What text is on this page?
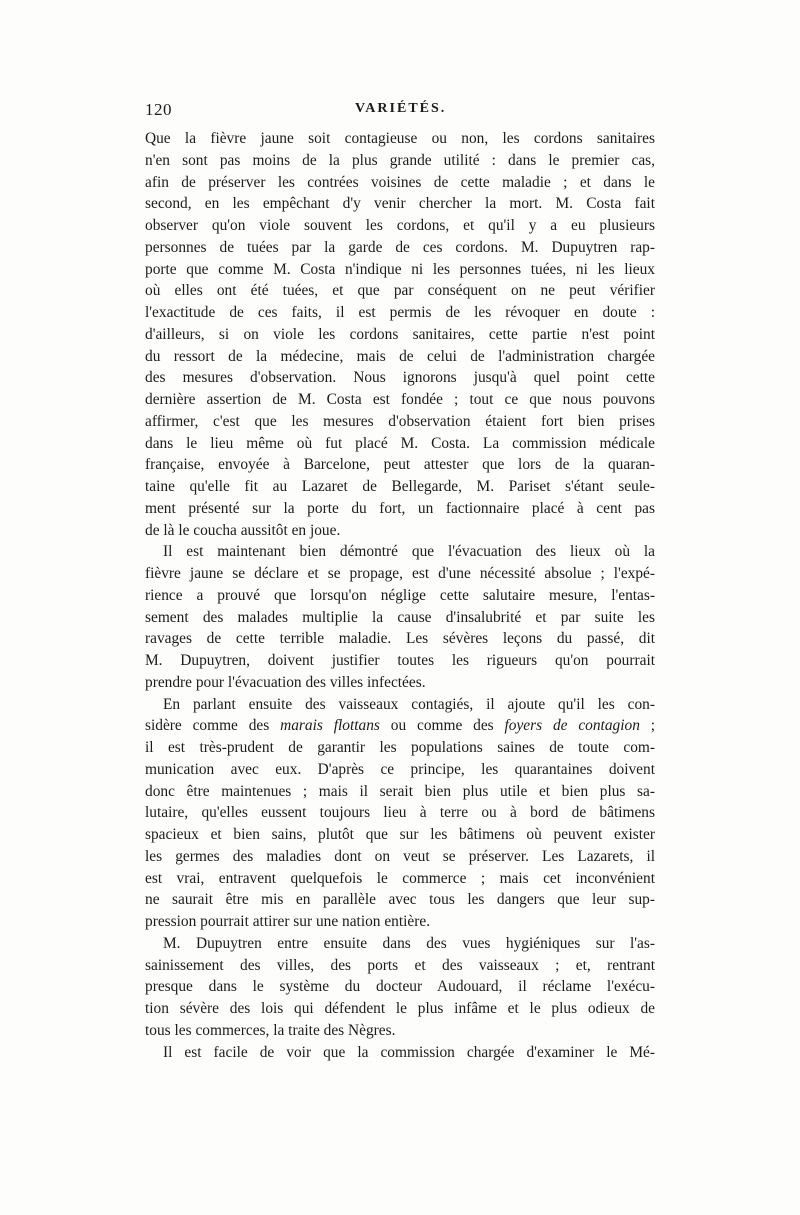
120	VARIÉTÉS.
Que la fièvre jaune soit contagieuse ou non, les cordons sanitaires
n'en sont pas moins de la plus grande utilité : dans le premier cas,
afin de préserver les contrées voisines de cette maladie ; et dans le
second, en les empêchant d'y venir chercher la mort. M. Costa fait
observer qu'on viole souvent les cordons, et qu'il y a eu plusieurs
personnes de tuées par la garde de ces cordons. M. Dupuytren rap-
porte que comme M. Costa n'indique ni les personnes tuées, ni les lieux
où elles ont été tuées, et que par conséquent on ne peut vérifier
l'exactitude de ces faits, il est permis de les révoquer en doute :
d'ailleurs, si on viole les cordons sanitaires, cette partie n'est point
du ressort de la médecine, mais de celui de l'administration chargée
des mesures d'observation. Nous ignorons jusqu'à quel point cette
dernière assertion de M. Costa est fondée ; tout ce que nous pouvons
affirmer, c'est que les mesures d'observation étaient fort bien prises
dans le lieu même où fut placé M. Costa. La commission médicale
française, envoyée à Barcelone, peut attester que lors de la quaran-
taine qu'elle fit au Lazaret de Bellegarde, M. Pariset s'étant seule-
ment présenté sur la porte du fort, un factionnaire placé à cent pas
de là le coucha aussitôt en joue.
Il est maintenant bien démontré que l'évacuation des lieux où la
fièvre jaune se déclare et se propage, est d'une nécessité absolue ; l'expé-
rience a prouvé que lorsqu'on néglige cette salutaire mesure, l'entas-
sement des malades multiplie la cause d'insalubrité et par suite les
ravages de cette terrible maladie. Les sévères leçons du passé, dit
M. Dupuytren, doivent justifier toutes les rigueurs qu'on pourrait
prendre pour l'évacuation des villes infectées.
En parlant ensuite des vaisseaux contagiés, il ajoute qu'il les con-
sidère comme des marais flottans ou comme des foyers de contagion ;
il est très-prudent de garantir les populations saines de toute com-
munication avec eux. D'après ce principe, les quarantaines doivent
donc être maintenues ; mais il serait bien plus utile et bien plus sa-
lutaire, qu'elles eussent toujours lieu à terre ou à bord de bâtimens
spacieux et bien sains, plutôt que sur les bâtimens où peuvent exister
les germes des maladies dont on veut se préserver. Les Lazarets, il
est vrai, entravent quelquefois le commerce ; mais cet inconvénient
ne saurait être mis en parallèle avec tous les dangers que leur sup-
pression pourrait attirer sur une nation entière.
M. Dupuytren entre ensuite dans des vues hygiéniques sur l'as-
sainissement des villes, des ports et des vaisseaux ; et, rentrant
presque dans le système du docteur Audouard, il réclame l'exécu-
tion sévère des lois qui défendent le plus infâme et le plus odieux de
tous les commerces, la traite des Nègres.
Il est facile de voir que la commission chargée d'examiner le Mé-
